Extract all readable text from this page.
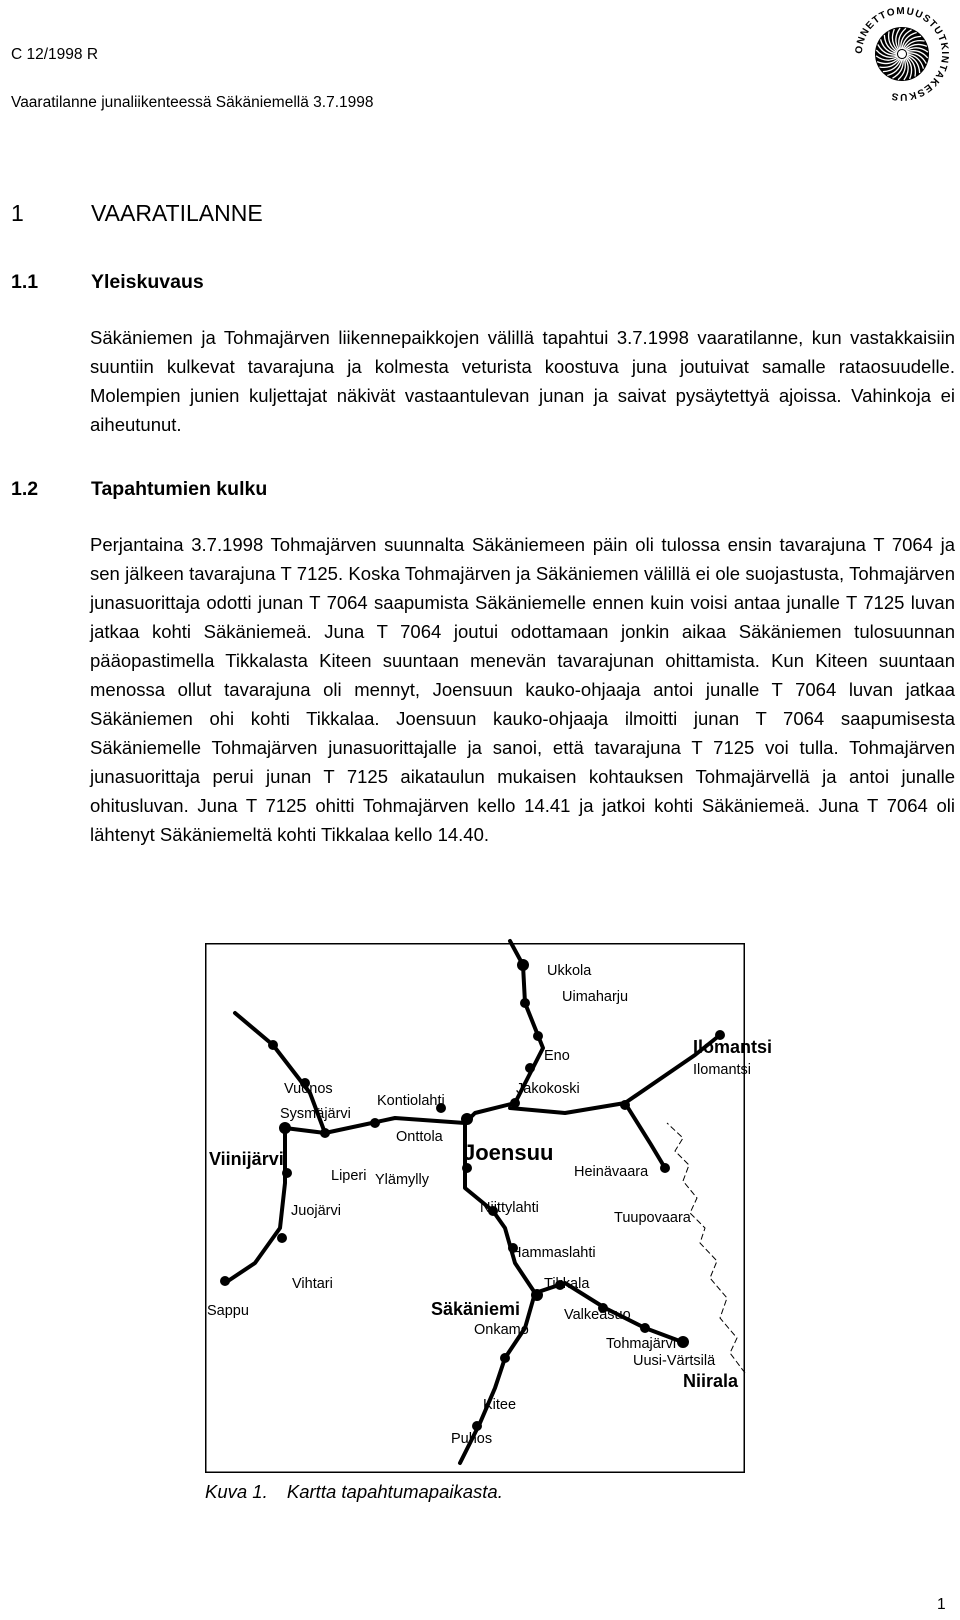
C 12/1998 R
Vaaratilanne junaliikenteessä Säkäniemellä 3.7.1998
ONNETTOMUUSTUTKINTAKESKUS
1	VAARATILANNE
1.1	Yleiskuvaus

Säkäniemen ja Tohmajärven liikennepaikkojen välillä tapahtui 3.7.1998 vaaratilanne, kun vastakkaisiin suuntiin kulkevat tavarajuna ja kolmesta veturista koostuva juna joutuivat samalle rataosuudelle. Molempien junien kuljettajat näkivät vastaantulevan junan ja saivat pysäytettyä ajoissa. Vahinkoja ei aiheutunut.

1.2	Tapahtumien kulku

Perjantaina 3.7.1998 Tohmajärven suunnalta Säkäniemeen päin oli tulossa ensin tavarajuna T 7064 ja sen jälkeen tavarajuna T 7125. Koska Tohmajärven ja Säkäniemen välillä ei ole suojastusta, Tohmajärven junasuorittaja odotti junan T 7064 saapumista Säkäniemelle ennen kuin voisi antaa junalle T 7125 luvan jatkaa kohti Säkäniemeä. Juna T 7064 joutui odottamaan jonkin aikaa Säkäniemen tulosuunnan pääopastimella Tikkalasta Kiteen suuntaan menevän tavarajunan ohittamista. Kun Kiteen suuntaan menossa ollut tavarajuna oli mennyt, Joensuun kauko-ohjaaja antoi junalle T 7064 luvan jatkaa Säkäniemen ohi kohti Tikkalaa. Joensuun kauko-ohjaaja ilmoitti junan T 7064 saapumisesta Säkäniemelle Tohmajärven junasuorittajalle ja sanoi, että tavarajuna T 7125 voi tulla. Tohmajärven junasuorittaja perui junan T 7125 aikataulun mukaisen kohtauksen Tohmajärvellä ja antoi junalle ohitusluvan. Juna T 7125 ohitti Tohmajärven kello 14.41 ja jatkoi kohti Säkäniemeä. Juna T 7064 oli lähtenyt Säkäniemeltä kohti Tikkalaa kello 14.40.

Ukkola
Uimaharju
Eno
Jakokoski
Ilomantsi
Ilomantsi
Vuonos
Sysmäjärvi
Kontiolahti
Onttola
Joensuu
Viinijärvi
Liperi Ylämylly	Heinävaara
Juojärvi	Niittylahti
Tuupovaara
Hammaslahti
Vihtari	Tikkala
Sappu	Säkäniemi	Valkeasuo
Onkamo
Tohmajärvi
Uusi-Värtsilä
Niirala
Kitee
Puhos
Kuva 1. Kartta tapahtumapaikasta.
1
